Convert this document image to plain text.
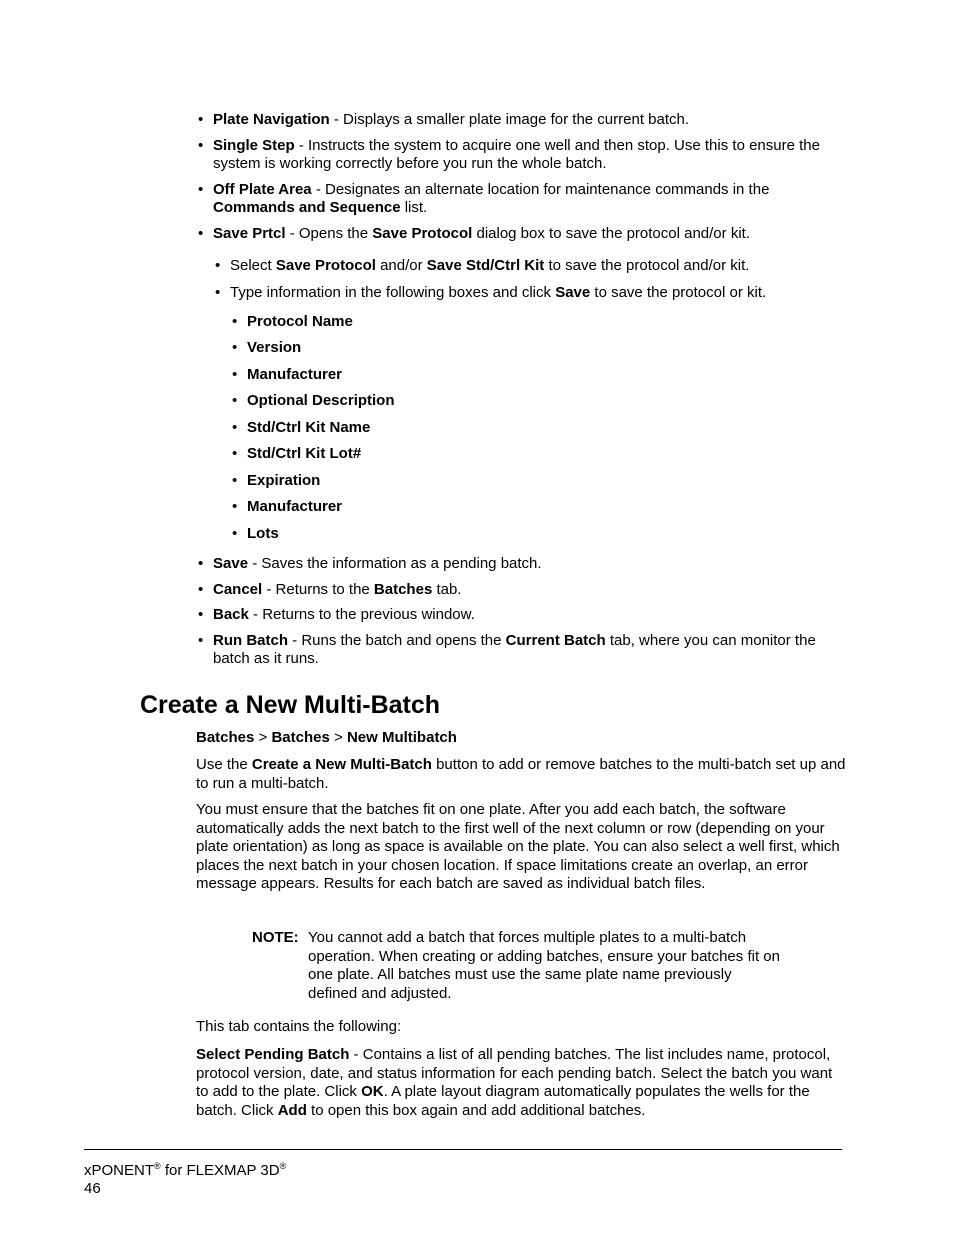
• Plate Navigation - Displays a smaller plate image for the current batch.
• Single Step - Instructs the system to acquire one well and then stop. Use this to ensure the system is working correctly before you run the whole batch.
• Off Plate Area - Designates an alternate location for maintenance commands in the Commands and Sequence list.
• Save Prtcl - Opens the Save Protocol dialog box to save the protocol and/or kit.
• Select Save Protocol and/or Save Std/Ctrl Kit to save the protocol and/or kit.
• Type information in the following boxes and click Save to save the protocol or kit.
• Protocol Name
• Version
• Manufacturer
• Optional Description
• Std/Ctrl Kit Name
• Std/Ctrl Kit Lot#
• Expiration
• Manufacturer
• Lots
• Save - Saves the information as a pending batch.
• Cancel - Returns to the Batches tab.
• Back - Returns to the previous window.
• Run Batch - Runs the batch and opens the Current Batch tab, where you can monitor the batch as it runs.
Create a New Multi-Batch

Batches > Batches > New Multibatch

Use the Create a New Multi-Batch button to add or remove batches to the multi-batch set up and to run a multi-batch.

You must ensure that the batches fit on one plate. After you add each batch, the software automatically adds the next batch to the first well of the next column or row (depending on your plate orientation) as long as space is available on the plate. You can also select a well first, which places the next batch in your chosen location. If space limitations create an overlap, an error message appears. Results for each batch are saved as individual batch files.

NOTE: You cannot add a batch that forces multiple plates to a multi-batch operation. When creating or adding batches, ensure your batches fit on one plate. All batches must use the same plate name previously defined and adjusted.

This tab contains the following:

Select Pending Batch - Contains a list of all pending batches. The list includes name, protocol, protocol version, date, and status information for each pending batch. Select the batch you want to add to the plate. Click OK. A plate layout diagram automatically populates the wells for the batch. Click Add to open this box again and add additional batches.

xPONENT® for FLEXMAP 3D®
46
